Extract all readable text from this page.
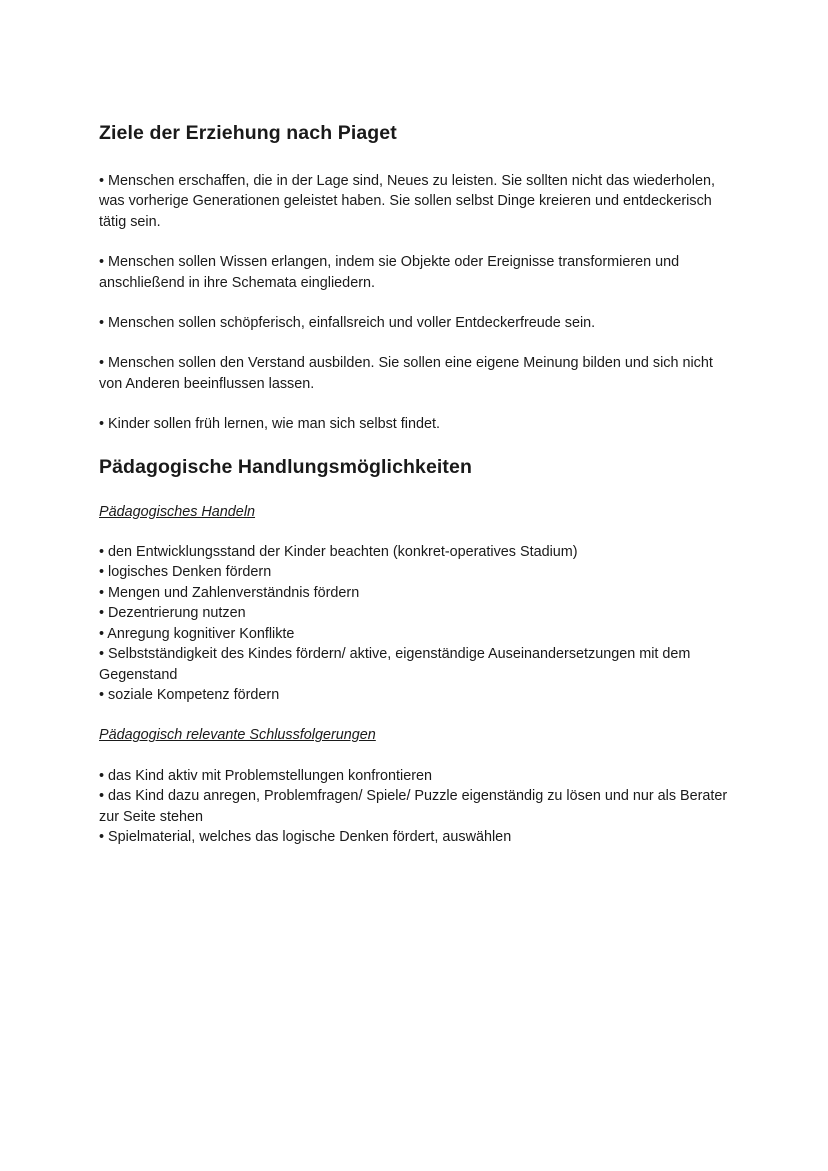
Ziele der Erziehung nach Piaget

• Menschen erschaffen, die in der Lage sind, Neues zu leisten. Sie sollten nicht das wiederholen, was vorherige Generationen geleistet haben. Sie sollen selbst Dinge kreieren und entdeckerisch tätig sein.

• Menschen sollen Wissen erlangen, indem sie Objekte oder Ereignisse transformieren und anschließend in ihre Schemata eingliedern.

• Menschen sollen schöpferisch, einfallsreich und voller Entdeckerfreude sein.

• Menschen sollen den Verstand ausbilden. Sie sollen eine eigene Meinung bilden und sich nicht von Anderen beeinflussen lassen.

• Kinder sollen früh lernen, wie man sich selbst findet.

Pädagogische Handlungsmöglichkeiten

Pädagogisches Handeln

• den Entwicklungsstand der Kinder beachten (konkret-operatives Stadium)
• logisches Denken fördern
• Mengen und Zahlenverständnis fördern
• Dezentrierung nutzen
• Anregung kognitiver Konflikte
• Selbstständigkeit des Kindes fördern/ aktive, eigenständige Auseinandersetzungen mit dem Gegenstand
• soziale Kompetenz fördern

Pädagogisch relevante Schlussfolgerungen

• das Kind aktiv mit Problemstellungen konfrontieren
• das Kind dazu anregen, Problemfragen/ Spiele/ Puzzle eigenständig zu lösen und nur als Berater zur Seite stehen
• Spielmaterial, welches das logische Denken fördert, auswählen
